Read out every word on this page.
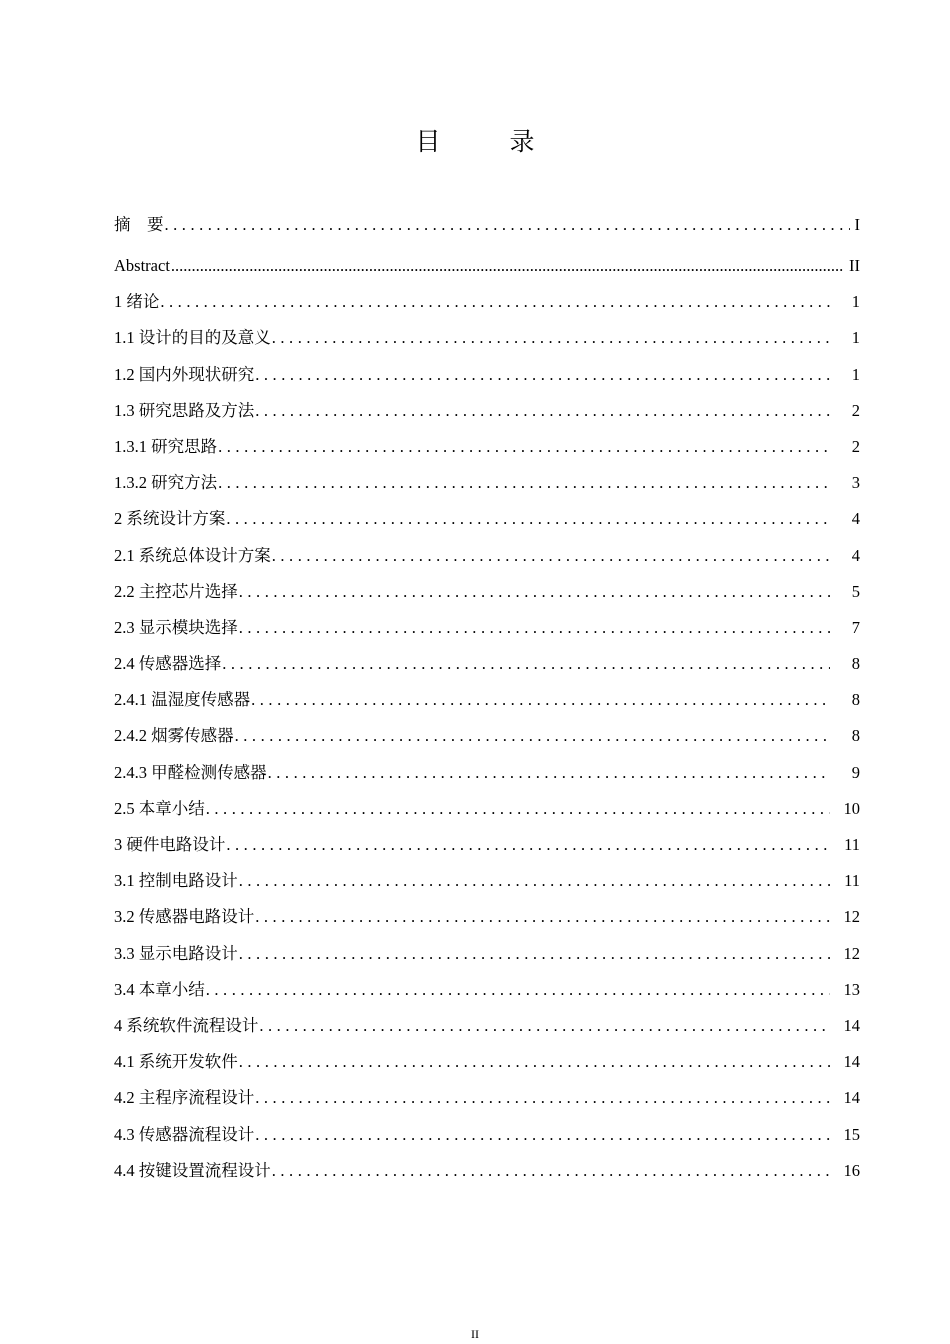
目　录
摘　要 . . .	I
Abstract .....	II
1 绪论 . . .	1
1.1 设计的目的及意义 . . .	1
1.2 国内外现状研究 . . .	1
1.3 研究思路及方法 . . .	2
1.3.1 研究思路 . . .	2
1.3.2 研究方法 . . .	3
2 系统设计方案 . . .	4
2.1 系统总体设计方案 . . .	4
2.2 主控芯片选择 . . .	5
2.3 显示模块选择 . . .	7
2.4 传感器选择 . . .	8
2.4.1 温湿度传感器 . . .	8
2.4.2 烟雾传感器 . . .	8
2.4.3 甲醛检测传感器 . . .	9
2.5 本章小结 . . .	10
3 硬件电路设计 . . .	11
3.1 控制电路设计 . . .	11
3.2 传感器电路设计 . . .	12
3.3 显示电路设计 . . .	12
3.4 本章小结 . . .	13
4 系统软件流程设计 . . .	14
4.1 系统开发软件 . . .	14
4.2 主程序流程设计 . . .	14
4.3 传感器流程设计 . . .	15
4.4 按键设置流程设计 . . .	16
II
